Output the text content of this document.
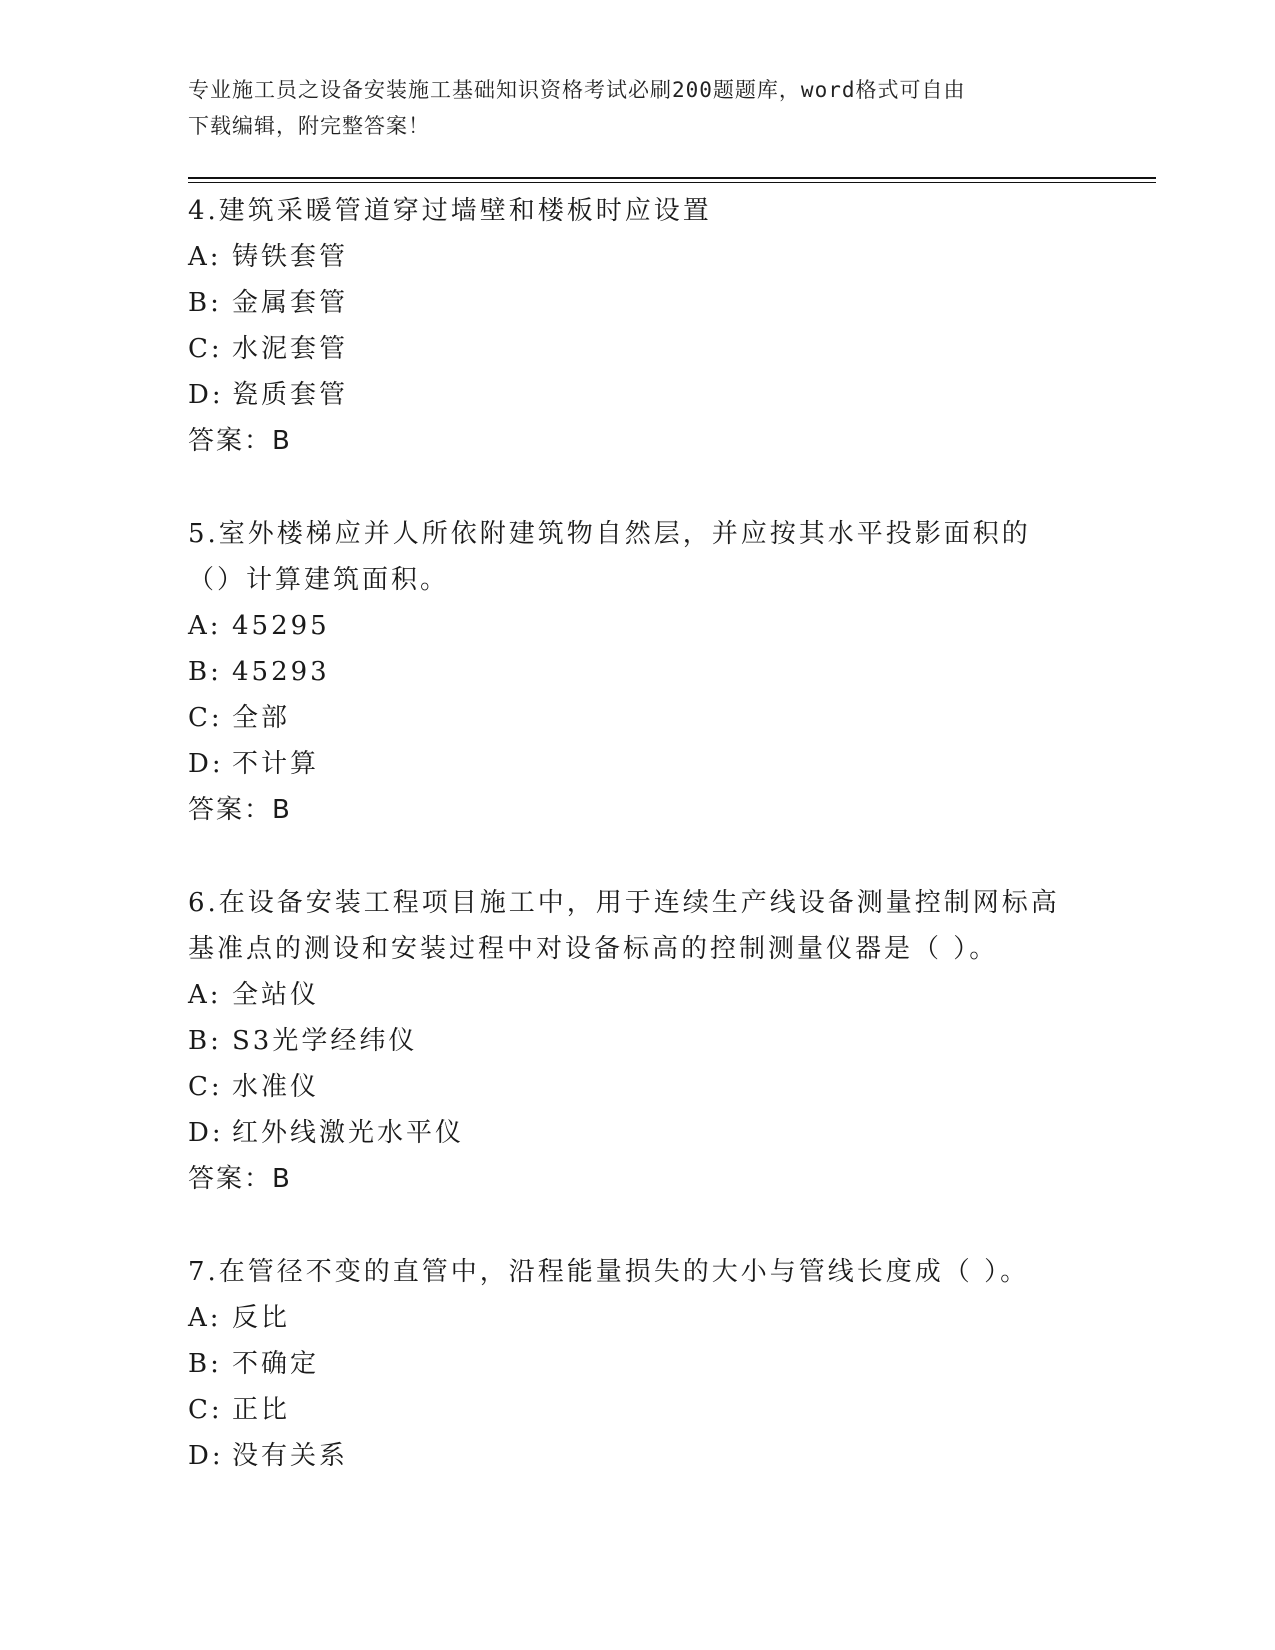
专业施工员之设备安装施工基础知识资格考试必刷200题题库，word格式可自由
下载编辑，附完整答案！
4.建筑采暖管道穿过墙壁和楼板时应设置
A: 铸铁套管
B: 金属套管
C: 水泥套管
D: 瓷质套管
答案：B
5.室外楼梯应并人所依附建筑物自然层，并应按其水平投影面积的（）计算建筑面积。
A: 45295
B: 45293
C: 全部
D: 不计算
答案：B
6.在设备安装工程项目施工中，用于连续生产线设备测量控制网标高基准点的测设和安装过程中对设备标高的控制测量仪器是（ ）。
A: 全站仪
B: S3光学经纬仪
C: 水准仪
D: 红外线激光水平仪
答案：B
7.在管径不变的直管中，沿程能量损失的大小与管线长度成（ ）。
A: 反比
B: 不确定
C: 正比
D: 没有关系
